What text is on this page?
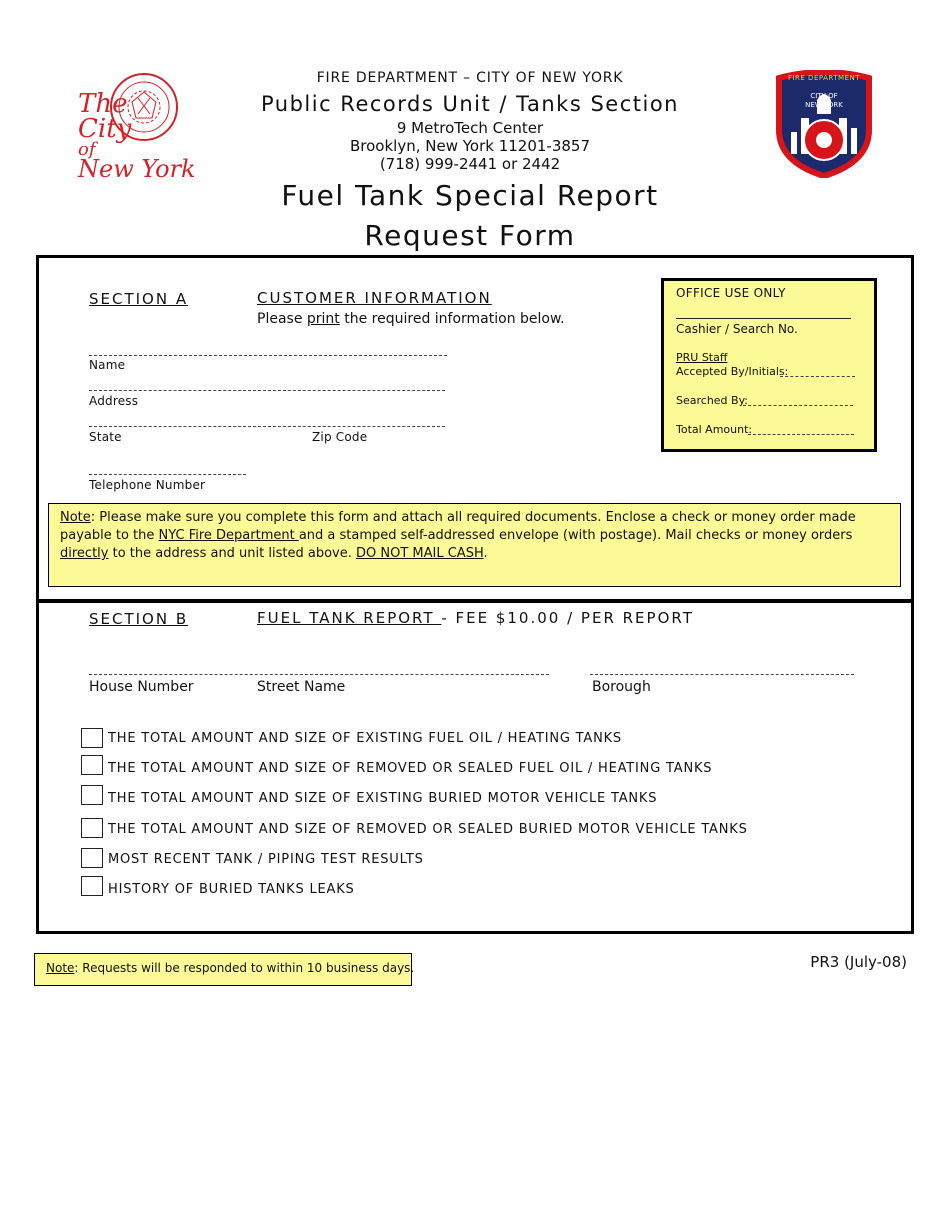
The
City
of
New York
FIRE DEPARTMENT
CITY OF
NEW YORK
FIRE DEPARTMENT – CITY OF NEW YORK
Public Records Unit / Tanks Section
9 MetroTech Center
Brooklyn, New York 11201-3857
(718) 999-2441 or 2442
Fuel Tank Special Report
Request Form
SECTION A	CUSTOMER INFORMATION
Please print the required information below.
Name
Address
State	Zip Code
Telephone Number
OFFICE USE ONLY
Cashier / Search No.
PRU Staff
Accepted By/Initials:
Searched By:
Total Amount:
Note: Please make sure you complete this form and attach all required documents. Enclose a check or money order made payable to the NYC Fire Department and a stamped self-addressed envelope (with postage). Mail checks or money orders directly to the address and unit listed above. DO NOT MAIL CASH.
SECTION B	FUEL TANK REPORT - FEE $10.00 / PER REPORT
House Number	Street Name	Borough
THE TOTAL AMOUNT AND SIZE OF EXISTING FUEL OIL / HEATING TANKS
THE TOTAL AMOUNT AND SIZE OF REMOVED OR SEALED FUEL OIL / HEATING TANKS
THE TOTAL AMOUNT AND SIZE OF EXISTING BURIED MOTOR VEHICLE TANKS
THE TOTAL AMOUNT AND SIZE OF REMOVED OR SEALED BURIED MOTOR VEHICLE TANKS
MOST RECENT TANK / PIPING TEST RESULTS
HISTORY OF BURIED TANKS LEAKS
Note: Requests will be responded to within 10 business days.	PR3 (July-08)
